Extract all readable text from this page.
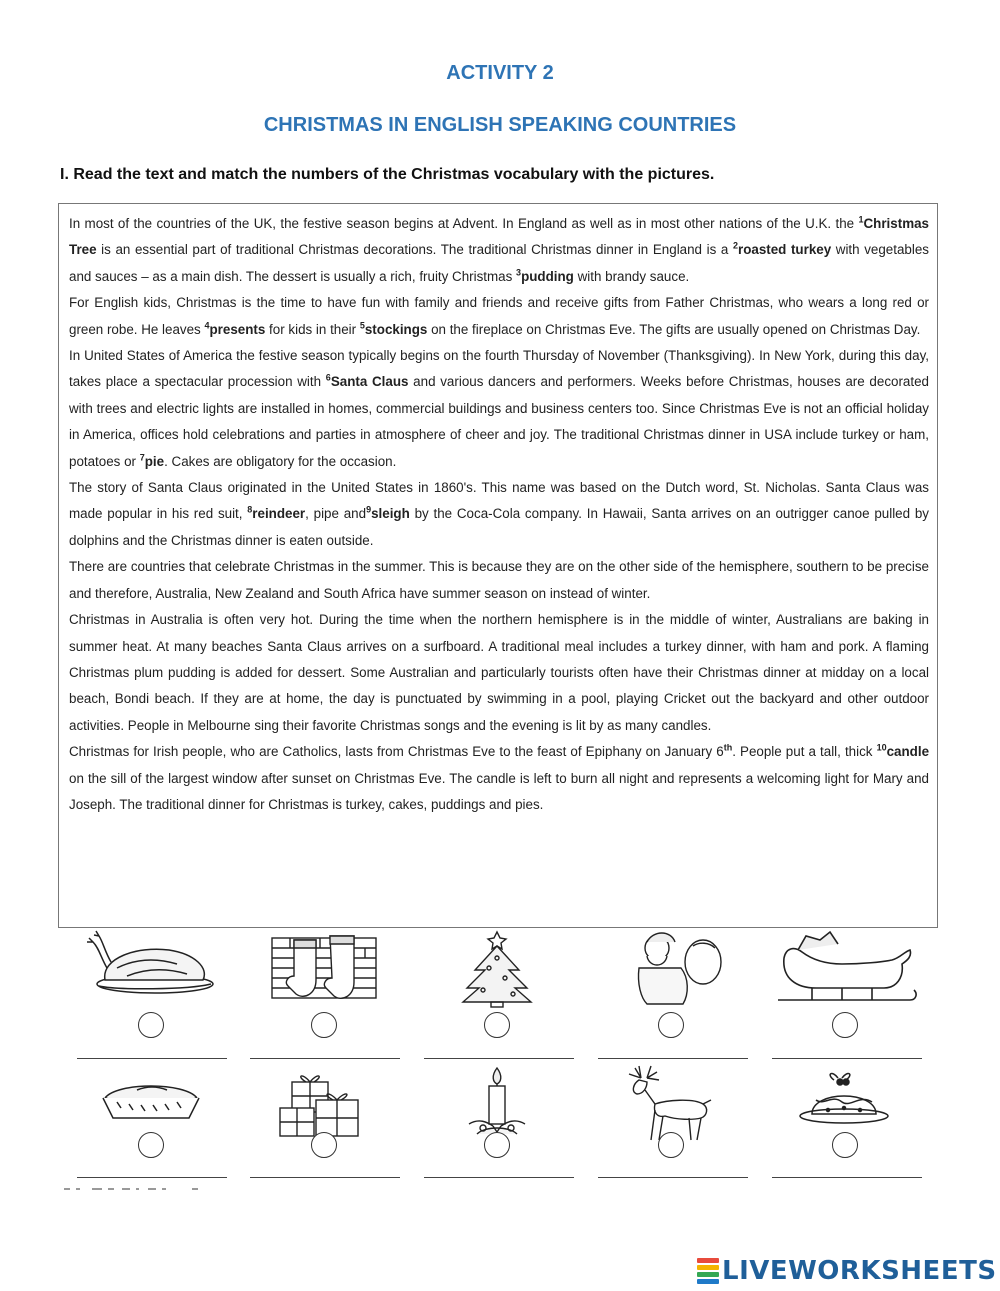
ACTIVITY 2
CHRISTMAS IN ENGLISH SPEAKING COUNTRIES
I. Read the text and match the numbers of the Christmas vocabulary with the pictures.

In most of the countries of the UK, the festive season begins at Advent. In England as well as in most other nations of the U.K. the $^1$Christmas Tree is an essential part of traditional Christmas decorations. The traditional Christmas dinner in England is a $^2$roasted turkey with vegetables and sauces – as a main dish. The dessert is usually a rich, fruity Christmas $^3$pudding with brandy sauce.

For English kids, Christmas is the time to have fun with family and friends and receive gifts from Father Christmas, who wears a long red or green robe. He leaves $^4$presents for kids in their $^5$stockings on the fireplace on Christmas Eve. The gifts are usually opened on Christmas Day.

In United States of America the festive season typically begins on the fourth Thursday of November (Thanksgiving). In New York, during this day, takes place a spectacular procession with $^6$Santa Claus and various dancers and performers. Weeks before Christmas, houses are decorated with trees and electric lights are installed in homes, commercial buildings and business centers too. Since Christmas Eve is not an official holiday in America, offices hold celebrations and parties in atmosphere of cheer and joy. The traditional Christmas dinner in USA include turkey or ham, potatoes or $^7$pie. Cakes are obligatory for the occasion.

The story of Santa Claus originated in the United States in 1860's. This name was based on the Dutch word, St. Nicholas. Santa Claus was made popular in his red suit, $^8$reindeer, pipe and$^9$sleigh by the Coca-Cola company. In Hawaii, Santa arrives on an outrigger canoe pulled by dolphins and the Christmas dinner is eaten outside.

There are countries that celebrate Christmas in the summer. This is because they are on the other side of the hemisphere, southern to be precise and therefore, Australia, New Zealand and South Africa have summer season on instead of winter.

Christmas in Australia is often very hot. During the time when the northern hemisphere is in the middle of winter, Australians are baking in summer heat. At many beaches Santa Claus arrives on a surfboard. A traditional meal includes a turkey dinner, with ham and pork. A flaming Christmas plum pudding is added for dessert. Some Australian and particularly tourists often have their Christmas dinner at midday on a local beach, Bondi beach. If they are at home, the day is punctuated by swimming in a pool, playing Cricket out the backyard and other outdoor activities. People in Melbourne sing their favorite Christmas songs and the evening is lit by as many candles.

Christmas for Irish people, who are Catholics, lasts from Christmas Eve to the feast of Epiphany on January 6th. People put a tall, thick $^{10}$candle on the sill of the largest window after sunset on Christmas Eve. The candle is left to burn all night and represents a welcoming light for Mary and Joseph. The traditional dinner for Christmas is turkey, cakes, puddings and pies.

LIVEWORKSHEETS
